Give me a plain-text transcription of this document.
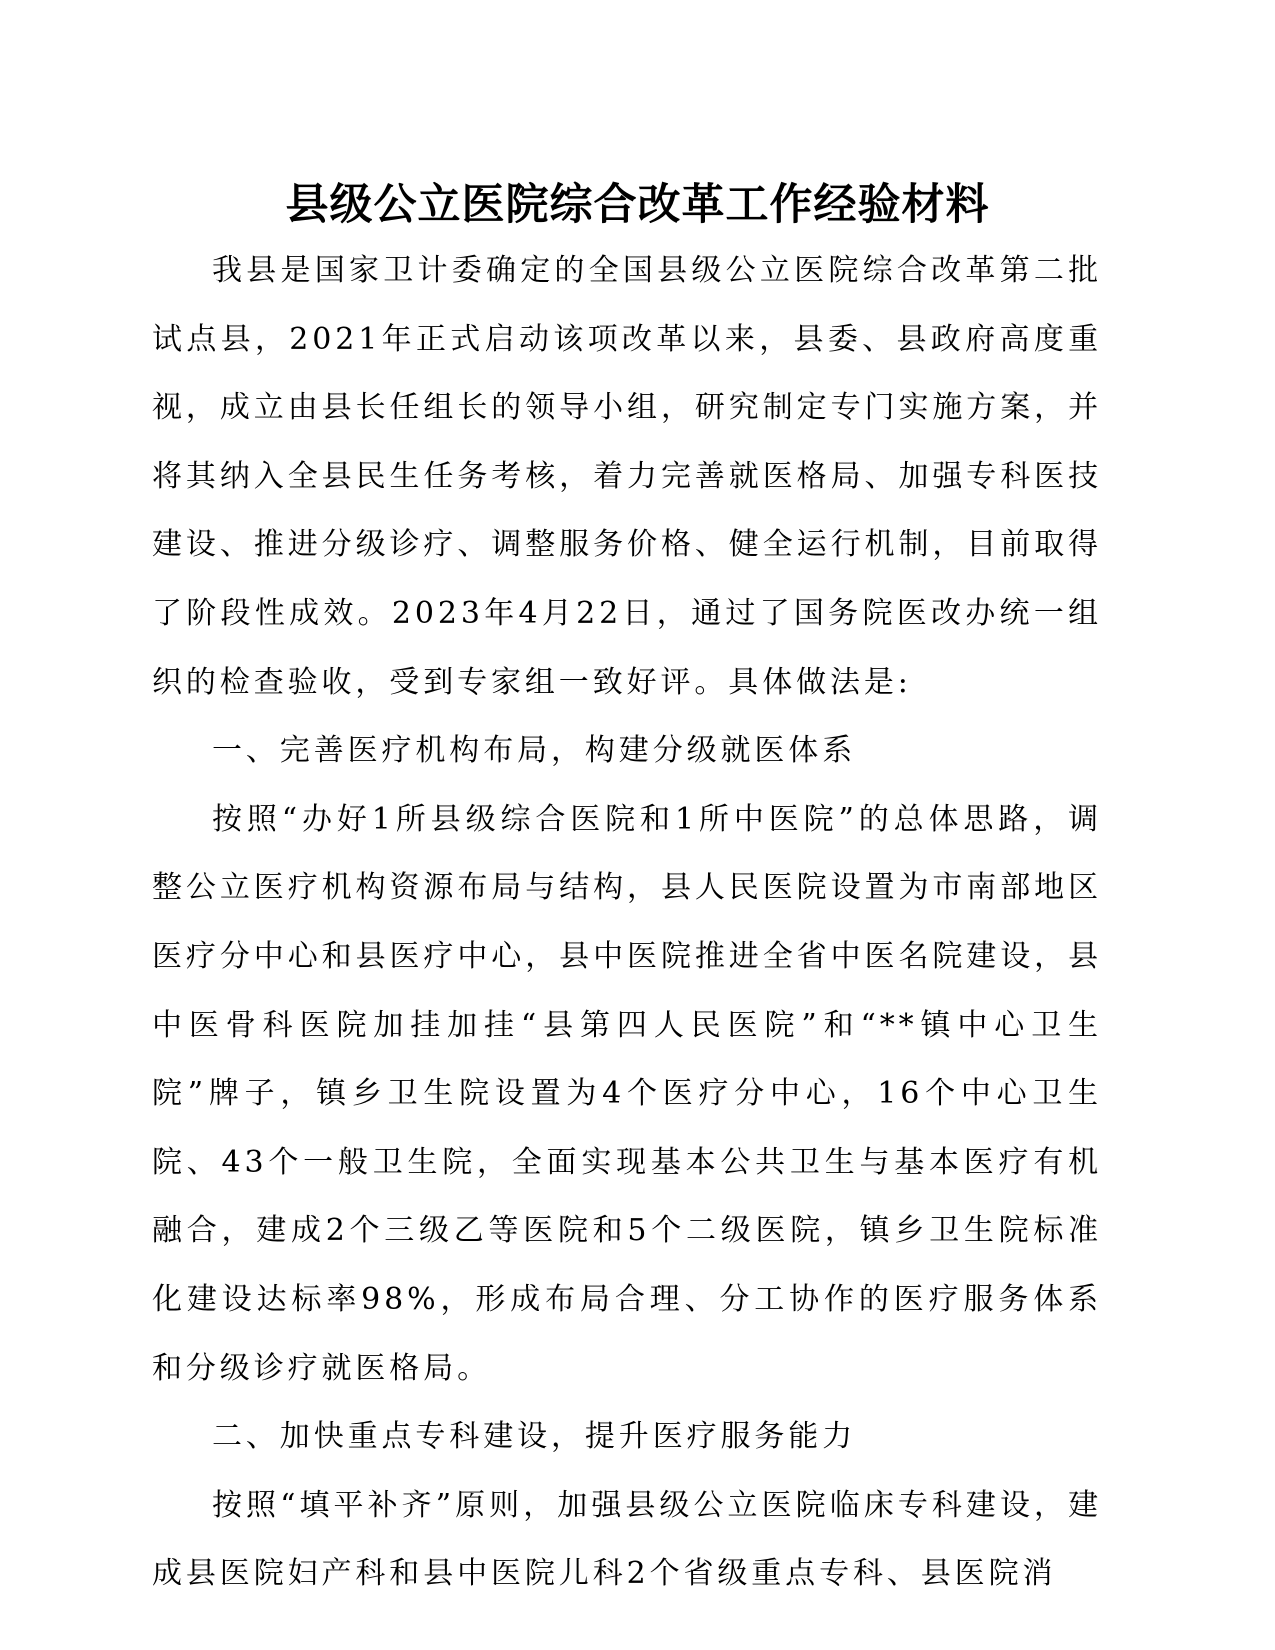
县级公立医院综合改革工作经验材料

我县是国家卫计委确定的全国县级公立医院综合改革第二批试点县，2021年正式启动该项改革以来，县委、县政府高度重视，成立由县长任组长的领导小组，研究制定专门实施方案，并将其纳入全县民生任务考核，着力完善就医格局、加强专科医技建设、推进分级诊疗、调整服务价格、健全运行机制，目前取得了阶段性成效。2023年4月22日，通过了国务院医改办统一组织的检查验收，受到专家组一致好评。具体做法是:

一、完善医疗机构布局，构建分级就医体系

按照“办好1所县级综合医院和1所中医院”的总体思路，调整公立医疗机构资源布局与结构，县人民医院设置为市南部地区医疗分中心和县医疗中心，县中医院推进全省中医名院建设，县中医骨科医院加挂加挂“县第四人民医院”和“**镇中心卫生院”牌子，镇乡卫生院设置为4个医疗分中心，16个中心卫生院、43个一般卫生院，全面实现基本公共卫生与基本医疗有机融合，建成2个三级乙等医院和5个二级医院，镇乡卫生院标准化建设达标率98%，形成布局合理、分工协作的医疗服务体系和分级诊疗就医格局。

二、加快重点专科建设，提升医疗服务能力

按照“填平补齐”原则，加强县级公立医院临床专科建设，建成县医院妇产科和县中医院儿科2个省级重点专科、县医院消
